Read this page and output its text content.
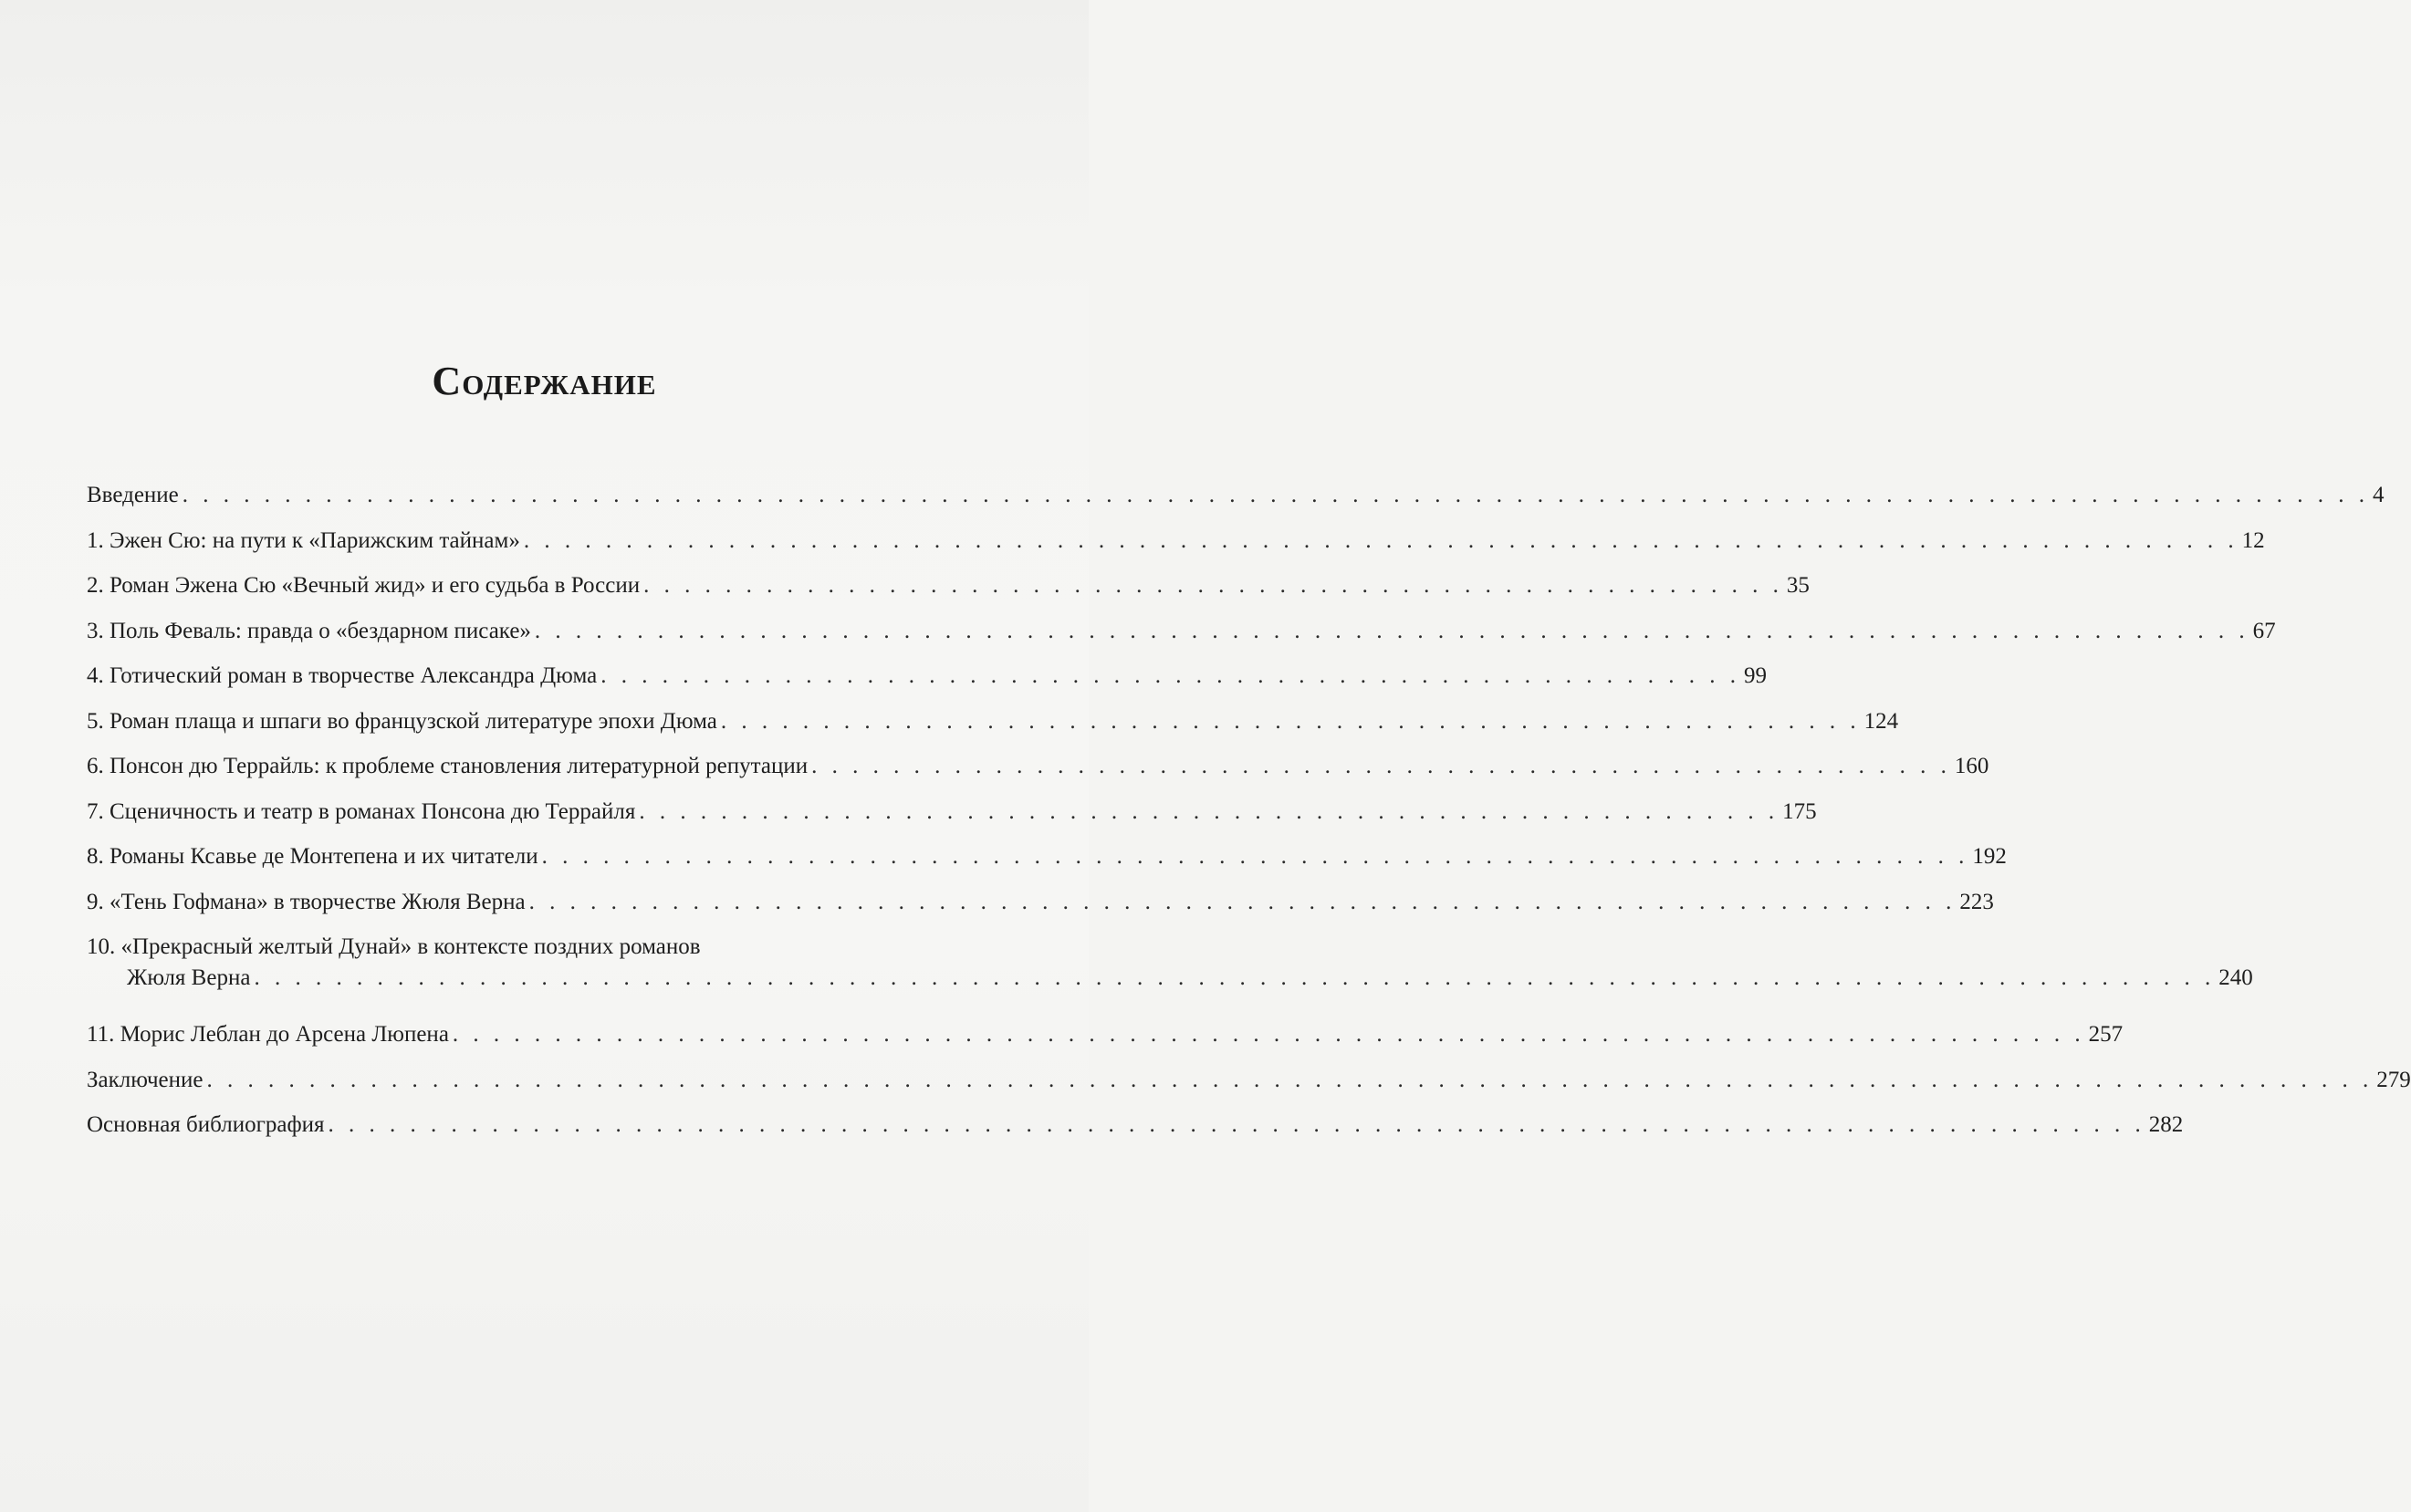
Содержание
Введение . . . . . . . . . . . . . . . . . . . . . . . . . . . . . . . . . . . . . . . . . . . . . . . . . . . . . . . . . . . . . . . . . . . . . . . . . . . . . . . . . . . . . . . . . . . . . . . . . . . . . . . . . . . 4
1. Эжен Сю: на пути к «Парижским тайнам» . . . . . . . . . . . . . . . . . . . . . . . . . . . . . . . . . . . . . . . . . . . . . . . . . . . . . . . . . . . . . . . . . . . . . . . . . . . . . . . . . . . . 12
2. Роман Эжена Сю «Вечный жид» и его судьба в России . . . . . . . . . . . . . . . . . . . . . . . . . . . . . . . . . . . . . . . . . . . . . . . . . . . . . . . . 35
3. Поль Феваль: правда о «бездарном писаке» . . . . . . . . . . . . . . . . . . . . . . . . . . . . . . . . . . . . . . . . . . . . . . . . . . . . . . . . . . . . . . . . . . . . . . . . . . . . . . . . . . . . 67
4. Готический роман в творчестве Александра Дюма . . . . . . . . . . . . . . . . . . . . . . . . . . . . . . . . . . . . . . . . . . . . . . . . . . . . . . . . 99
5. Роман плаща и шпаги во французской литературе эпохи Дюма . . . . . . . . . . . . . . . . . . . . . . . . . . . . . . . . . . . . . . . . . . . . . . . . . . . . . . . . 124
6. Понсон дю Террайль: к проблеме становления литературной репутации . . . . . . . . . . . . . . . . . . . . . . . . . . . . . . . . . . . . . . . . . . . . . . . . . . . . . . . . 160
7. Сценичность и театр в романах Понсона дю Террайля . . . . . . . . . . . . . . . . . . . . . . . . . . . . . . . . . . . . . . . . . . . . . . . . . . . . . . . . 175
8. Романы Ксавье де Монтепена и их читатели . . . . . . . . . . . . . . . . . . . . . . . . . . . . . . . . . . . . . . . . . . . . . . . . . . . . . . . . . . . . . . . . . . . . . . 192
9. «Тень Гофмана» в творчестве Жюля Верна . . . . . . . . . . . . . . . . . . . . . . . . . . . . . . . . . . . . . . . . . . . . . . . . . . . . . . . . . . . . . . . . . . . . . . 223
10. «Прекрасный желтый Дунай» в контексте поздних романов
Жюля Верна . . . . . . . . . . . . . . . . . . . . . . . . . . . . . . . . . . . . . . . . . . . . . . . . . . . . . . . . . . . . . . . . . . . . . . . . . . . . . . . . . . . . . . . . . . . . . . . . 240
11. Морис Леблан до Арсена Люпена . . . . . . . . . . . . . . . . . . . . . . . . . . . . . . . . . . . . . . . . . . . . . . . . . . . . . . . . . . . . . . . . . . . . . . . . . . . . . . . . 257
Заключение . . . . . . . . . . . . . . . . . . . . . . . . . . . . . . . . . . . . . . . . . . . . . . . . . . . . . . . . . . . . . . . . . . . . . . . . . . . . . . . . . . . . . . . . . . . . . . . . . . . . . . . . . . 279
Основная библиография . . . . . . . . . . . . . . . . . . . . . . . . . . . . . . . . . . . . . . . . . . . . . . . . . . . . . . . . . . . . . . . . . . . . . . . . . . . . . . . . . . . . . . . . . 282
